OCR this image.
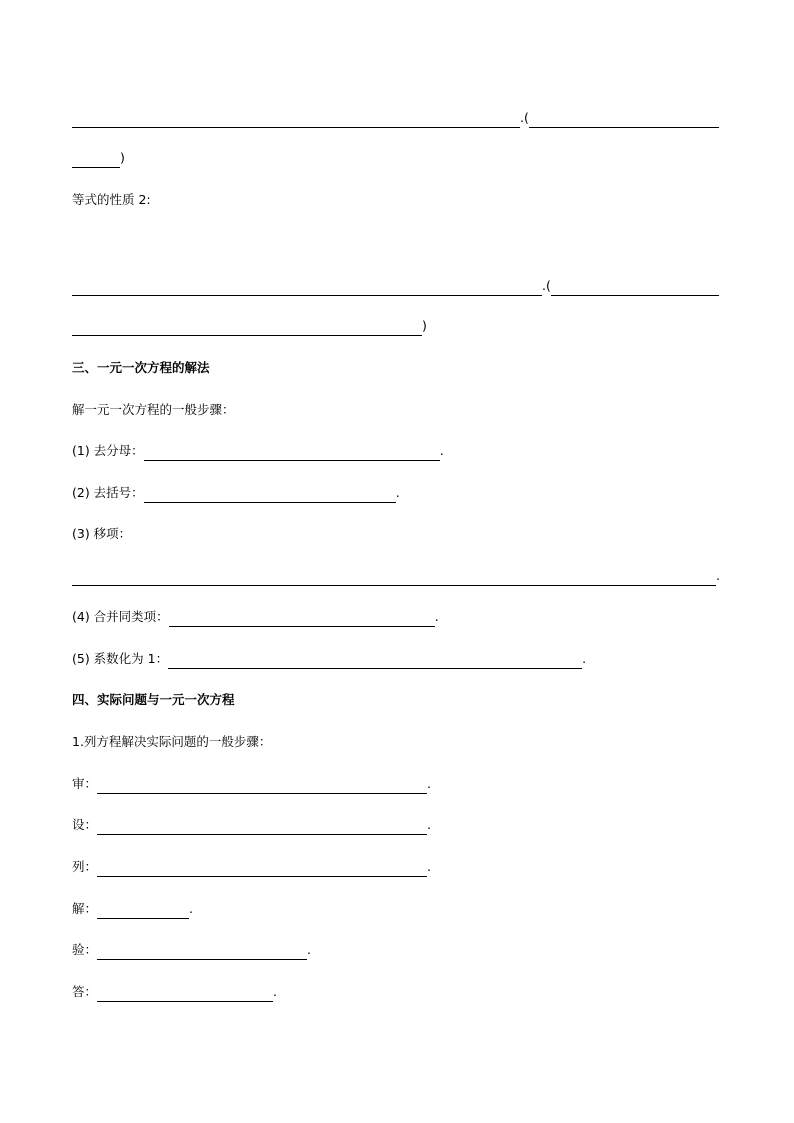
.(
)
等式的性质 2:
.(
)
三、一元一次方程的解法
解一元一次方程的一般步骤：
(1) 去分母：	.
(2) 去括号：	.
(3) 移项：
.
(4) 合并同类项：	.
(5) 系数化为 1：	.
四、实际问题与一元一次方程
1.列方程解决实际问题的一般步骤：
审：	.
设：	.
列：	.
解：	.
验：	.
答：	.
